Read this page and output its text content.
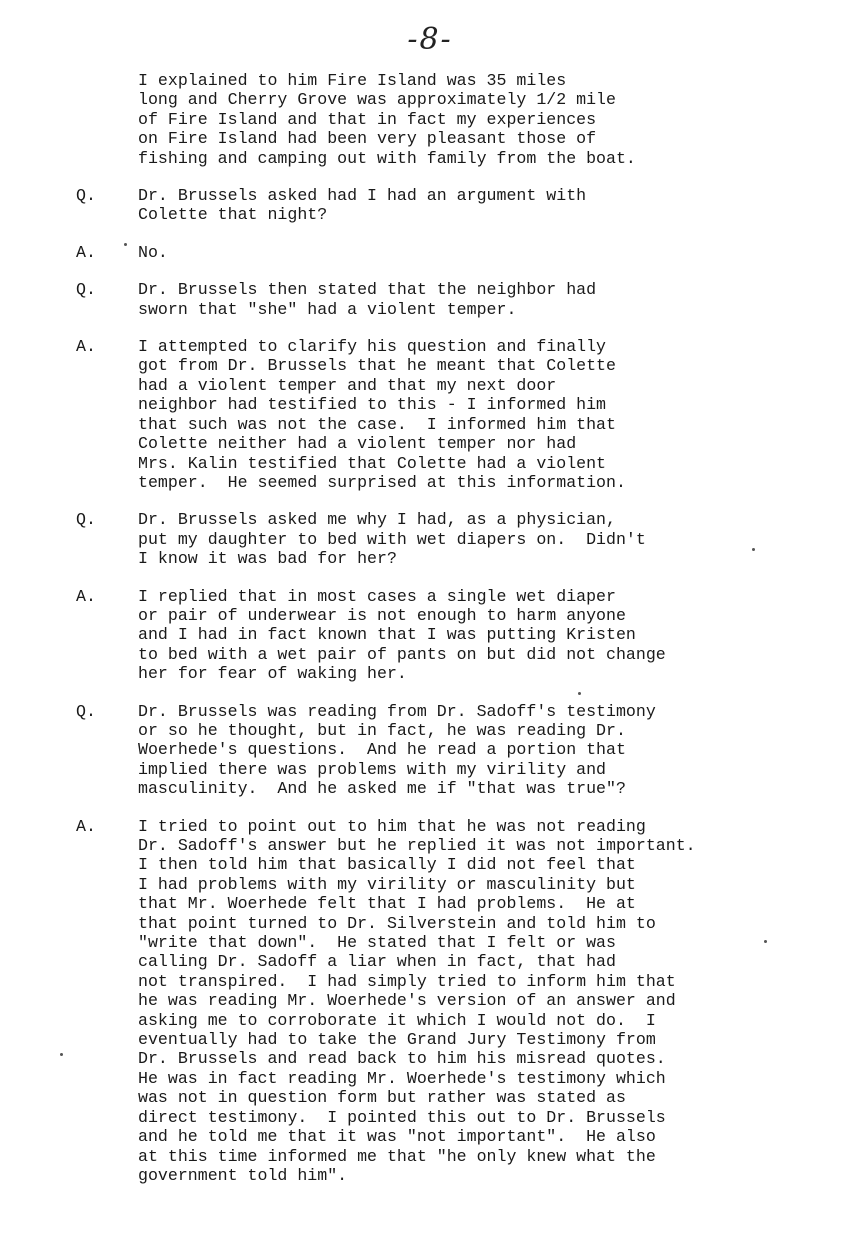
-8-
I explained to him Fire Island was 35 miles
long and Cherry Grove was approximately 1/2 mile
of Fire Island and that in fact my experiences
on Fire Island had been very pleasant those of
fishing and camping out with family from the boat.
Q.	Dr. Brussels asked had I had an argument with
Colette that night?
A.	No.
Q.	Dr. Brussels then stated that the neighbor had
sworn that "she" had a violent temper.
A.	I attempted to clarify his question and finally
got from Dr. Brussels that he meant that Colette
had a violent temper and that my next door
neighbor had testified to this - I informed him
that such was not the case.  I informed him that
Colette neither had a violent temper nor had
Mrs. Kalin testified that Colette had a violent
temper.  He seemed surprised at this information.
Q.	Dr. Brussels asked me why I had, as a physician,
put my daughter to bed with wet diapers on.  Didn't
I know it was bad for her?
A.	I replied that in most cases a single wet diaper
or pair of underwear is not enough to harm anyone
and I had in fact known that I was putting Kristen
to bed with a wet pair of pants on but did not change
her for fear of waking her.
Q.	Dr. Brussels was reading from Dr. Sadoff's testimony
or so he thought, but in fact, he was reading Dr.
Woerhede's questions.  And he read a portion that
implied there was problems with my virility and
masculinity.  And he asked me if "that was true"?
A.	I tried to point out to him that he was not reading
Dr. Sadoff's answer but he replied it was not important.
I then told him that basically I did not feel that
I had problems with my virility or masculinity but
that Mr. Woerhede felt that I had problems.  He at
that point turned to Dr. Silverstein and told him to
"write that down".  He stated that I felt or was
calling Dr. Sadoff a liar when in fact, that had
not transpired.  I had simply tried to inform him that
he was reading Mr. Woerhede's version of an answer and
asking me to corroborate it which I would not do.  I
eventually had to take the Grand Jury Testimony from
Dr. Brussels and read back to him his misread quotes.
He was in fact reading Mr. Woerhede's testimony which
was not in question form but rather was stated as
direct testimony.  I pointed this out to Dr. Brussels
and he told me that it was "not important".  He also
at this time informed me that "he only knew what the
government told him".
